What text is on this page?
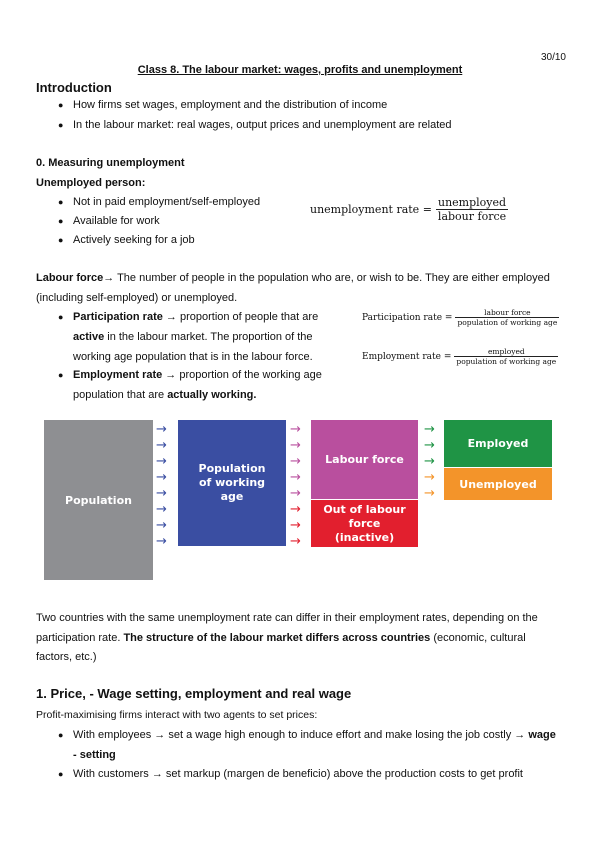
30/10
Class 8. The labour market: wages, profits and unemployment
Introduction
● How firms set wages, employment and the distribution of income
● In the labour market: real wages, output prices and unemployment are related
0. Measuring unemployment
Unemployed person:
● Not in paid employment/self-employed
● Available for work
● Actively seeking for a job
unemployment rate = $\frac{\text{unemployed}}{\text{labour force}}$
Labour force→ The number of people in the population who are, or wish to be. They are either employed
(including self-employed) or unemployed.
● Participation rate → proportion of people that are
active in the labour market. The proportion of the
working age population that is in the labour force.
● Employment rate → proportion of the working age
population that are actually working.
Participation rate = $\frac{\text{labour force}}{\text{population of working age}}$
Employment rate = $\frac{\text{employed}}{\text{population of working age}}$
Population
Population of working age
Labour force
Out of labour force (inactive)
Employed
Unemployed
→
→
→
→
→
→
→
→
→
→
→
→
→
→
→
→
→
→
→
→
→
Two countries with the same unemployment rate can differ in their employment rates, depending on the
participation rate. The structure of the labour market differs across countries (economic, cultural
factors, etc.)
1. Price, - Wage setting, employment and real wage
Profit-maximising firms interact with two agents to set prices:
● With employees → set a wage high enough to induce effort and make losing the job costly → wage
- setting
● With customers → set markup (margen de beneficio) above the production costs to get profit
